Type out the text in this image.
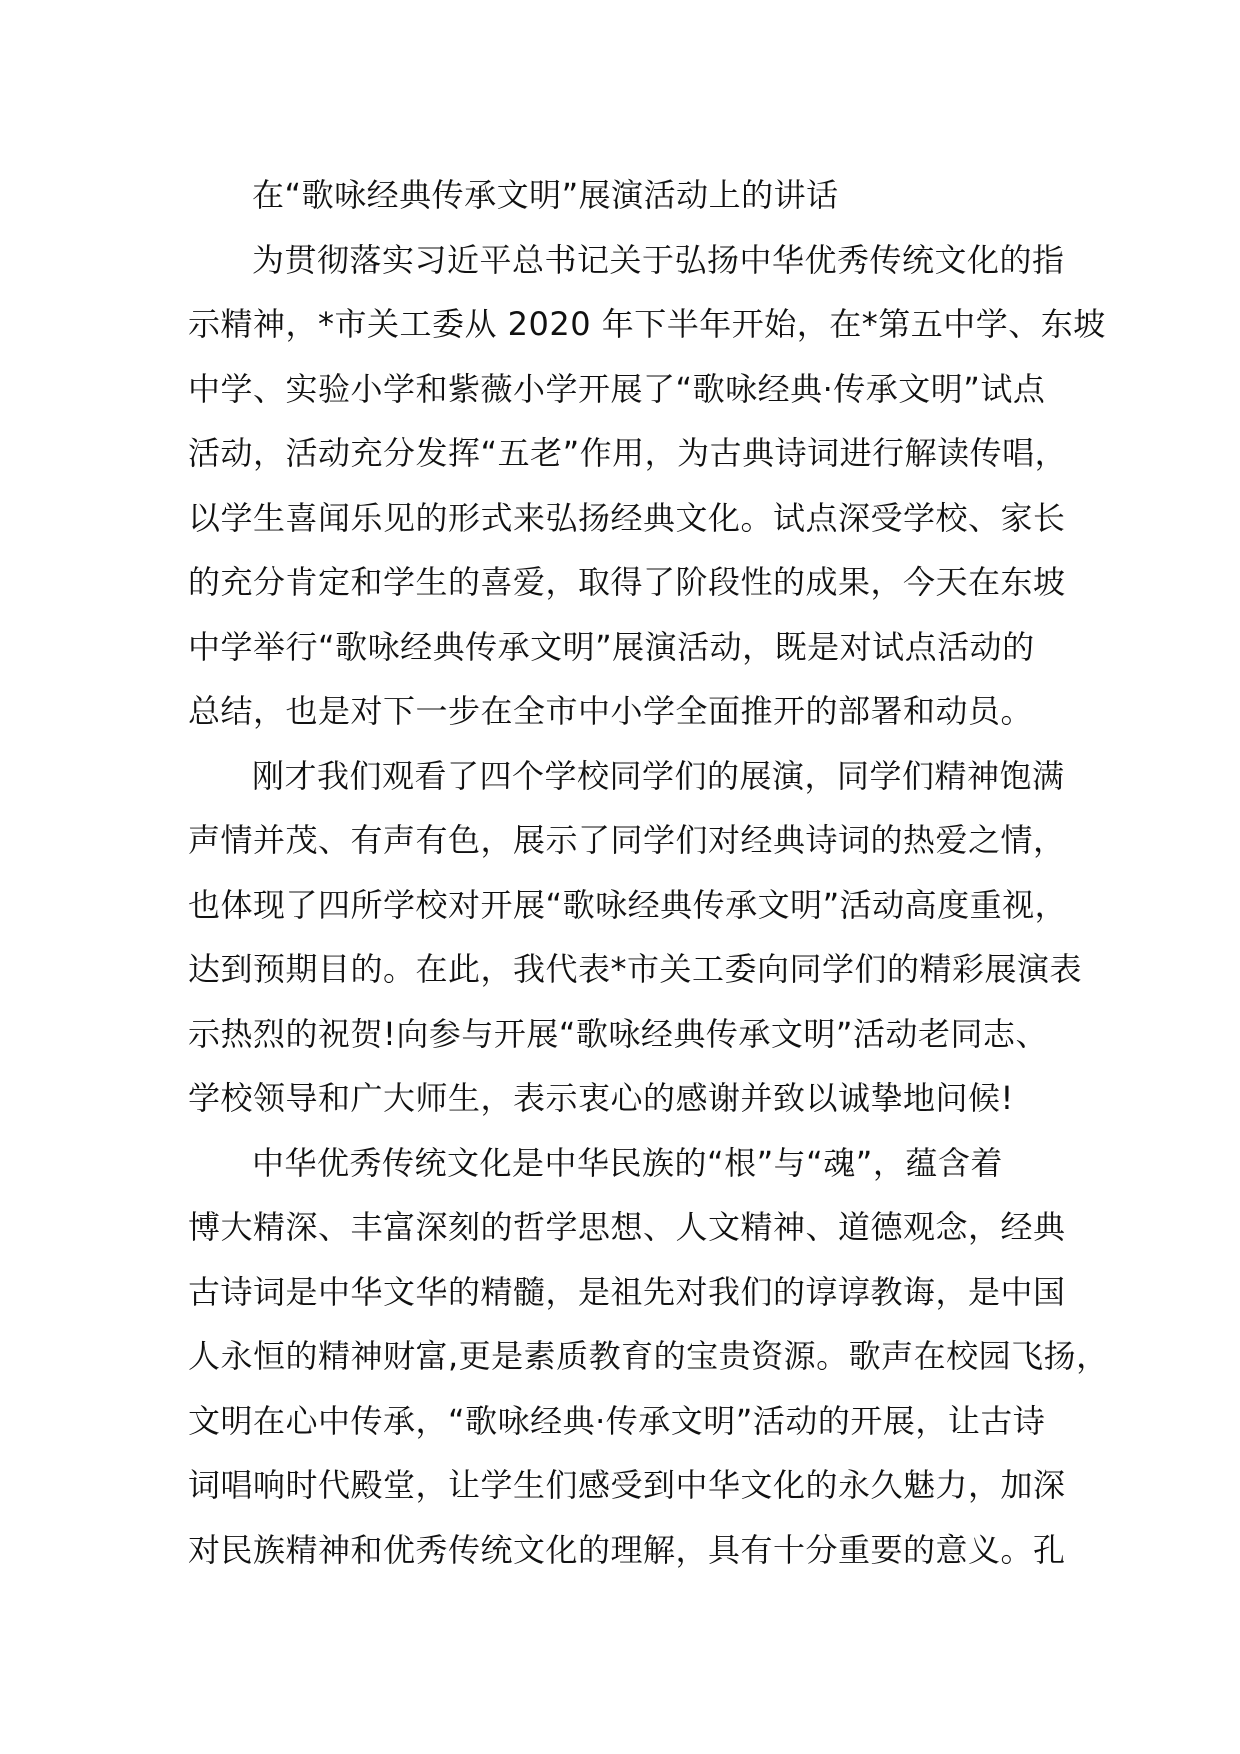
在“歌咏经典传承文明”展演活动上的讲话

为贯彻落实习近平总书记关于弘扬中华优秀传统文化的指
示精神，*市关工委从 2020 年下半年开始，在*第五中学、东坡
中学、实验小学和紫薇小学开展了“歌咏经典·传承文明”试点
活动，活动充分发挥“五老”作用，为古典诗词进行解读传唱，
以学生喜闻乐见的形式来弘扬经典文化。试点深受学校、家长
的充分肯定和学生的喜爱，取得了阶段性的成果，今天在东坡
中学举行“歌咏经典传承文明”展演活动，既是对试点活动的
总结，也是对下一步在全市中小学全面推开的部署和动员。

刚才我们观看了四个学校同学们的展演，同学们精神饱满
声情并茂、有声有色，展示了同学们对经典诗词的热爱之情，
也体现了四所学校对开展“歌咏经典传承文明”活动高度重视，
达到预期目的。在此，我代表*市关工委向同学们的精彩展演表
示热烈的祝贺!向参与开展“歌咏经典传承文明”活动老同志、
学校领导和广大师生，表示衷心的感谢并致以诚挚地问候!

中华优秀传统文化是中华民族的“根”与“魂”，蕴含着
博大精深、丰富深刻的哲学思想、人文精神、道德观念，经典
古诗词是中华文华的精髓，是祖先对我们的谆谆教诲，是中国
人永恒的精神财富,更是素质教育的宝贵资源。歌声在校园飞扬，
文明在心中传承，“歌咏经典·传承文明”活动的开展，让古诗
词唱响时代殿堂，让学生们感受到中华文化的永久魅力，加深
对民族精神和优秀传统文化的理解，具有十分重要的意义。孔
